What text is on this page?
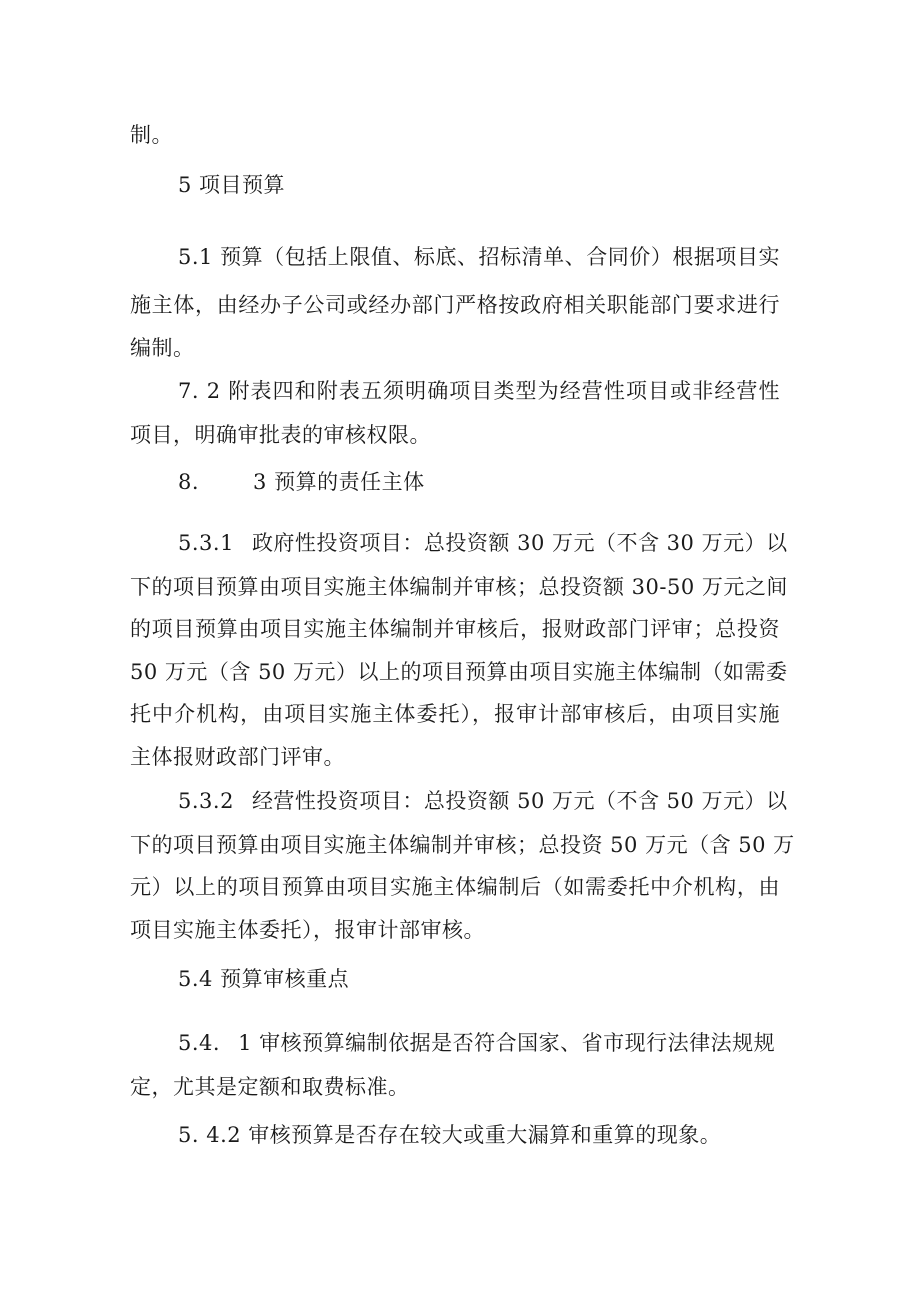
制。
5 项目预算
5.1 预算（包括上限值、标底、招标清单、合同价）根据项目实
施主体，由经办子公司或经办部门严格按政府相关职能部门要求进行
编制。
7. 2 附表四和附表五须明确项目类型为经营性项目或非经营性
项目，明确审批表的审核权限。
8.	3 预算的责任主体
5.3.1 政府性投资项目：总投资额 30 万元（不含 30 万元）以
下的项目预算由项目实施主体编制并审核；总投资额 30-50 万元之间
的项目预算由项目实施主体编制并审核后，报财政部门评审；总投资
50 万元（含 50 万元）以上的项目预算由项目实施主体编制（如需委
托中介机构，由项目实施主体委托），报审计部审核后，由项目实施
主体报财政部门评审。
5.3.2 经营性投资项目：总投资额 50 万元（不含 50 万元）以
下的项目预算由项目实施主体编制并审核；总投资 50 万元（含 50 万
元）以上的项目预算由项目实施主体编制后（如需委托中介机构，由
项目实施主体委托），报审计部审核。
5.4 预算审核重点
5.4. 1 审核预算编制依据是否符合国家、省市现行法律法规规
定，尤其是定额和取费标准。
5. 4.2 审核预算是否存在较大或重大漏算和重算的现象。
